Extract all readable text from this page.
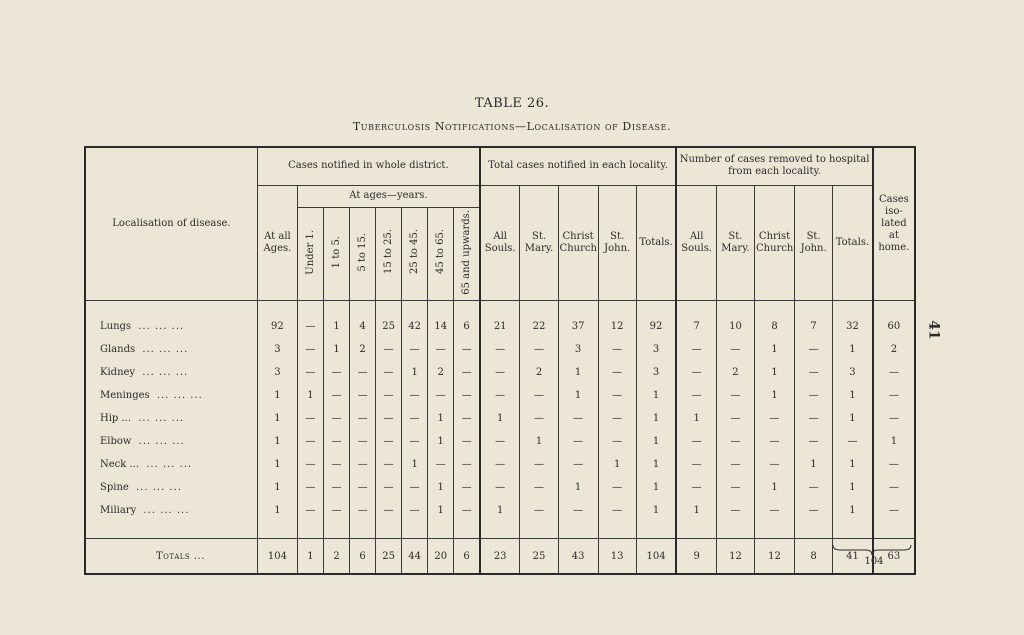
TABLE 26.
Tuberculosis Notifications—Localisation of Disease.
41
Localisation of disease.	Cases notified in whole district.								Total cases notified in each locality.					Number of cases removed to hospital from each locality.					Cases iso- lated at home.
	At all Ages.	At ages—years.							All Souls.	St. Mary.	Christ Church	St. John.	Totals.	All Souls.	St. Mary.	Christ Church	St. John.	Totals.	
		Under 1.	1 to 5.	5 to 15.	15 to 25.	25 to 45.	45 to 65.	65 and upwards.											

Lungs ... ... ...	92	—	1	4	25	42	14	6	21	22	37	12	92	7	10	8	7	32	60
Glands ... ... ...	3	—	1	2	—	—	—	—	—	—	3	—	3	—	—	1	—	1	2
Kidney ... ... ...	3	—	—	—	—	1	2	—	—	2	1	—	3	—	2	1	—	3	—
Meninges ... ... ...	1	1	—	—	—	—	—	—	—	—	1	—	1	—	—	1	—	1	—
Hip ... ... ... ...	1	—	—	—	—	—	1	—	1	—	—	—	1	1	—	—	—	1	—
Elbow ... ... ...	1	—	—	—	—	—	1	—	—	1	—	—	1	—	—	—	—	—	1
Neck ... ... ... ...	1	—	—	—	—	1	—	—	—	—	—	1	1	—	—	—	1	1	—
Spine ... ... ...	1	—	—	—	—	—	1	—	—	—	1	—	1	—	—	1	—	1	—
Miliary ... ... ...	1	—	—	—	—	—	1	—	1	—	—	—	1	1	—	—	—	1	—

Totals ...	104	1	2	6	25	44	20	6	23	25	43	13	104	9	12	12	8	41	63
104
